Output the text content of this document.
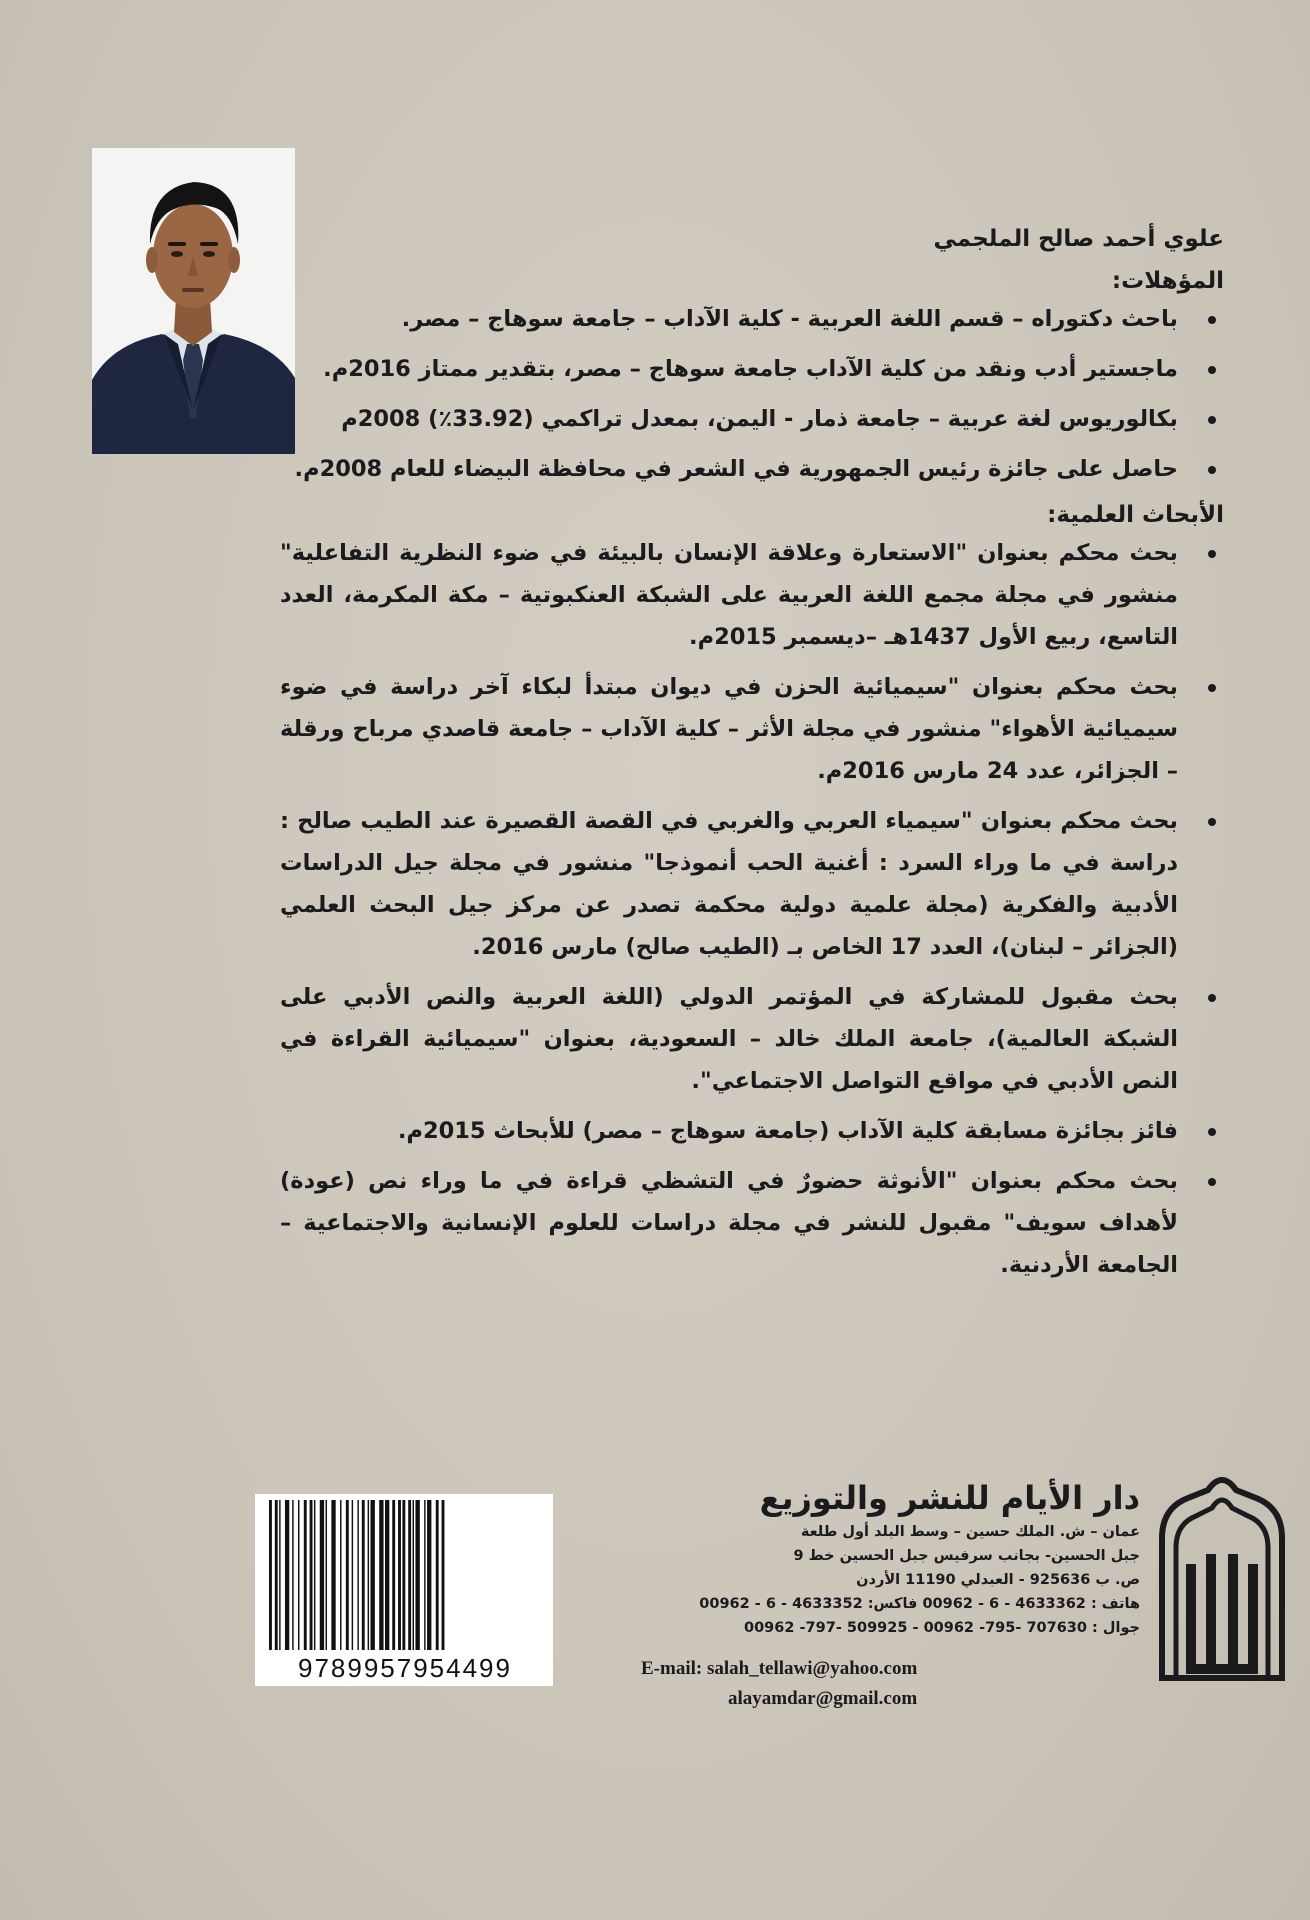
علوي أحمد صالح الملجمي

المؤهلات:

باحث دكتوراه – قسم اللغة العربية - كلية الآداب – جامعة سوهاج – مصر.
ماجستير أدب ونقد من كلية الآداب جامعة سوهاج – مصر، بتقدير ممتاز 2016م.
بكالوريوس لغة عربية – جامعة ذمار - اليمن، بمعدل تراكمي (33.92٪) 2008م
حاصل على جائزة رئيس الجمهورية في الشعر في محافظة البيضاء للعام 2008م.

الأبحاث العلمية:

بحث محكم بعنوان "الاستعارة وعلاقة الإنسان بالبيئة في ضوء النظرية التفاعلية" منشور في مجلة مجمع اللغة العربية على الشبكة العنكبوتية – مكة المكرمة، العدد التاسع، ربيع الأول 1437هـ –ديسمبر 2015م.
بحث محكم بعنوان "سيميائية الحزن في ديوان مبتدأ لبكاء آخر دراسة في ضوء سيميائية الأهواء" منشور في مجلة الأثر – كلية الآداب – جامعة قاصدي مرباح ورقلة – الجزائر، عدد 24 مارس 2016م.
بحث محكم بعنوان "سيمياء العربي والغربي في القصة القصيرة عند الطيب صالح : دراسة في ما وراء السرد : أغنية الحب أنموذجا" منشور في مجلة جيل الدراسات الأدبية والفكرية (مجلة علمية دولية محكمة تصدر عن مركز جيل البحث العلمي (الجزائر – لبنان)، العدد 17 الخاص بـ (الطيب صالح) مارس 2016.
بحث مقبول للمشاركة في المؤتمر الدولي (اللغة العربية والنص الأدبي على الشبكة العالمية)، جامعة الملك خالد – السعودية، بعنوان "سيميائية القراءة في النص الأدبي في مواقع التواصل الاجتماعي".
فائز بجائزة مسابقة كلية الآداب (جامعة سوهاج – مصر) للأبحاث 2015م.
بحث محكم بعنوان "الأنوثة حضورٌ في التشظي قراءة في ما وراء نص (عودة) لأهداف سويف" مقبول للنشر في مجلة دراسات للعلوم الإنسانية والاجتماعية – الجامعة الأردنية.
9789957954499
دار الأيام للنشر والتوزيع
عمان – ش. الملك حسين – وسط البلد أول طلعة
جبل الحسين- بجانب سرفيس جبل الحسين خط 9
ص. ب 925636 - العبدلي 11190 الأردن
هاتف : 4633362 - 6 - 00962 فاكس: 4633352 - 6 - 00962
جوال : 707630 -795- 00962 - 509925 -797- 00962
E-mail: salah_tellawi@yahoo.com
alayamdar@gmail.com
